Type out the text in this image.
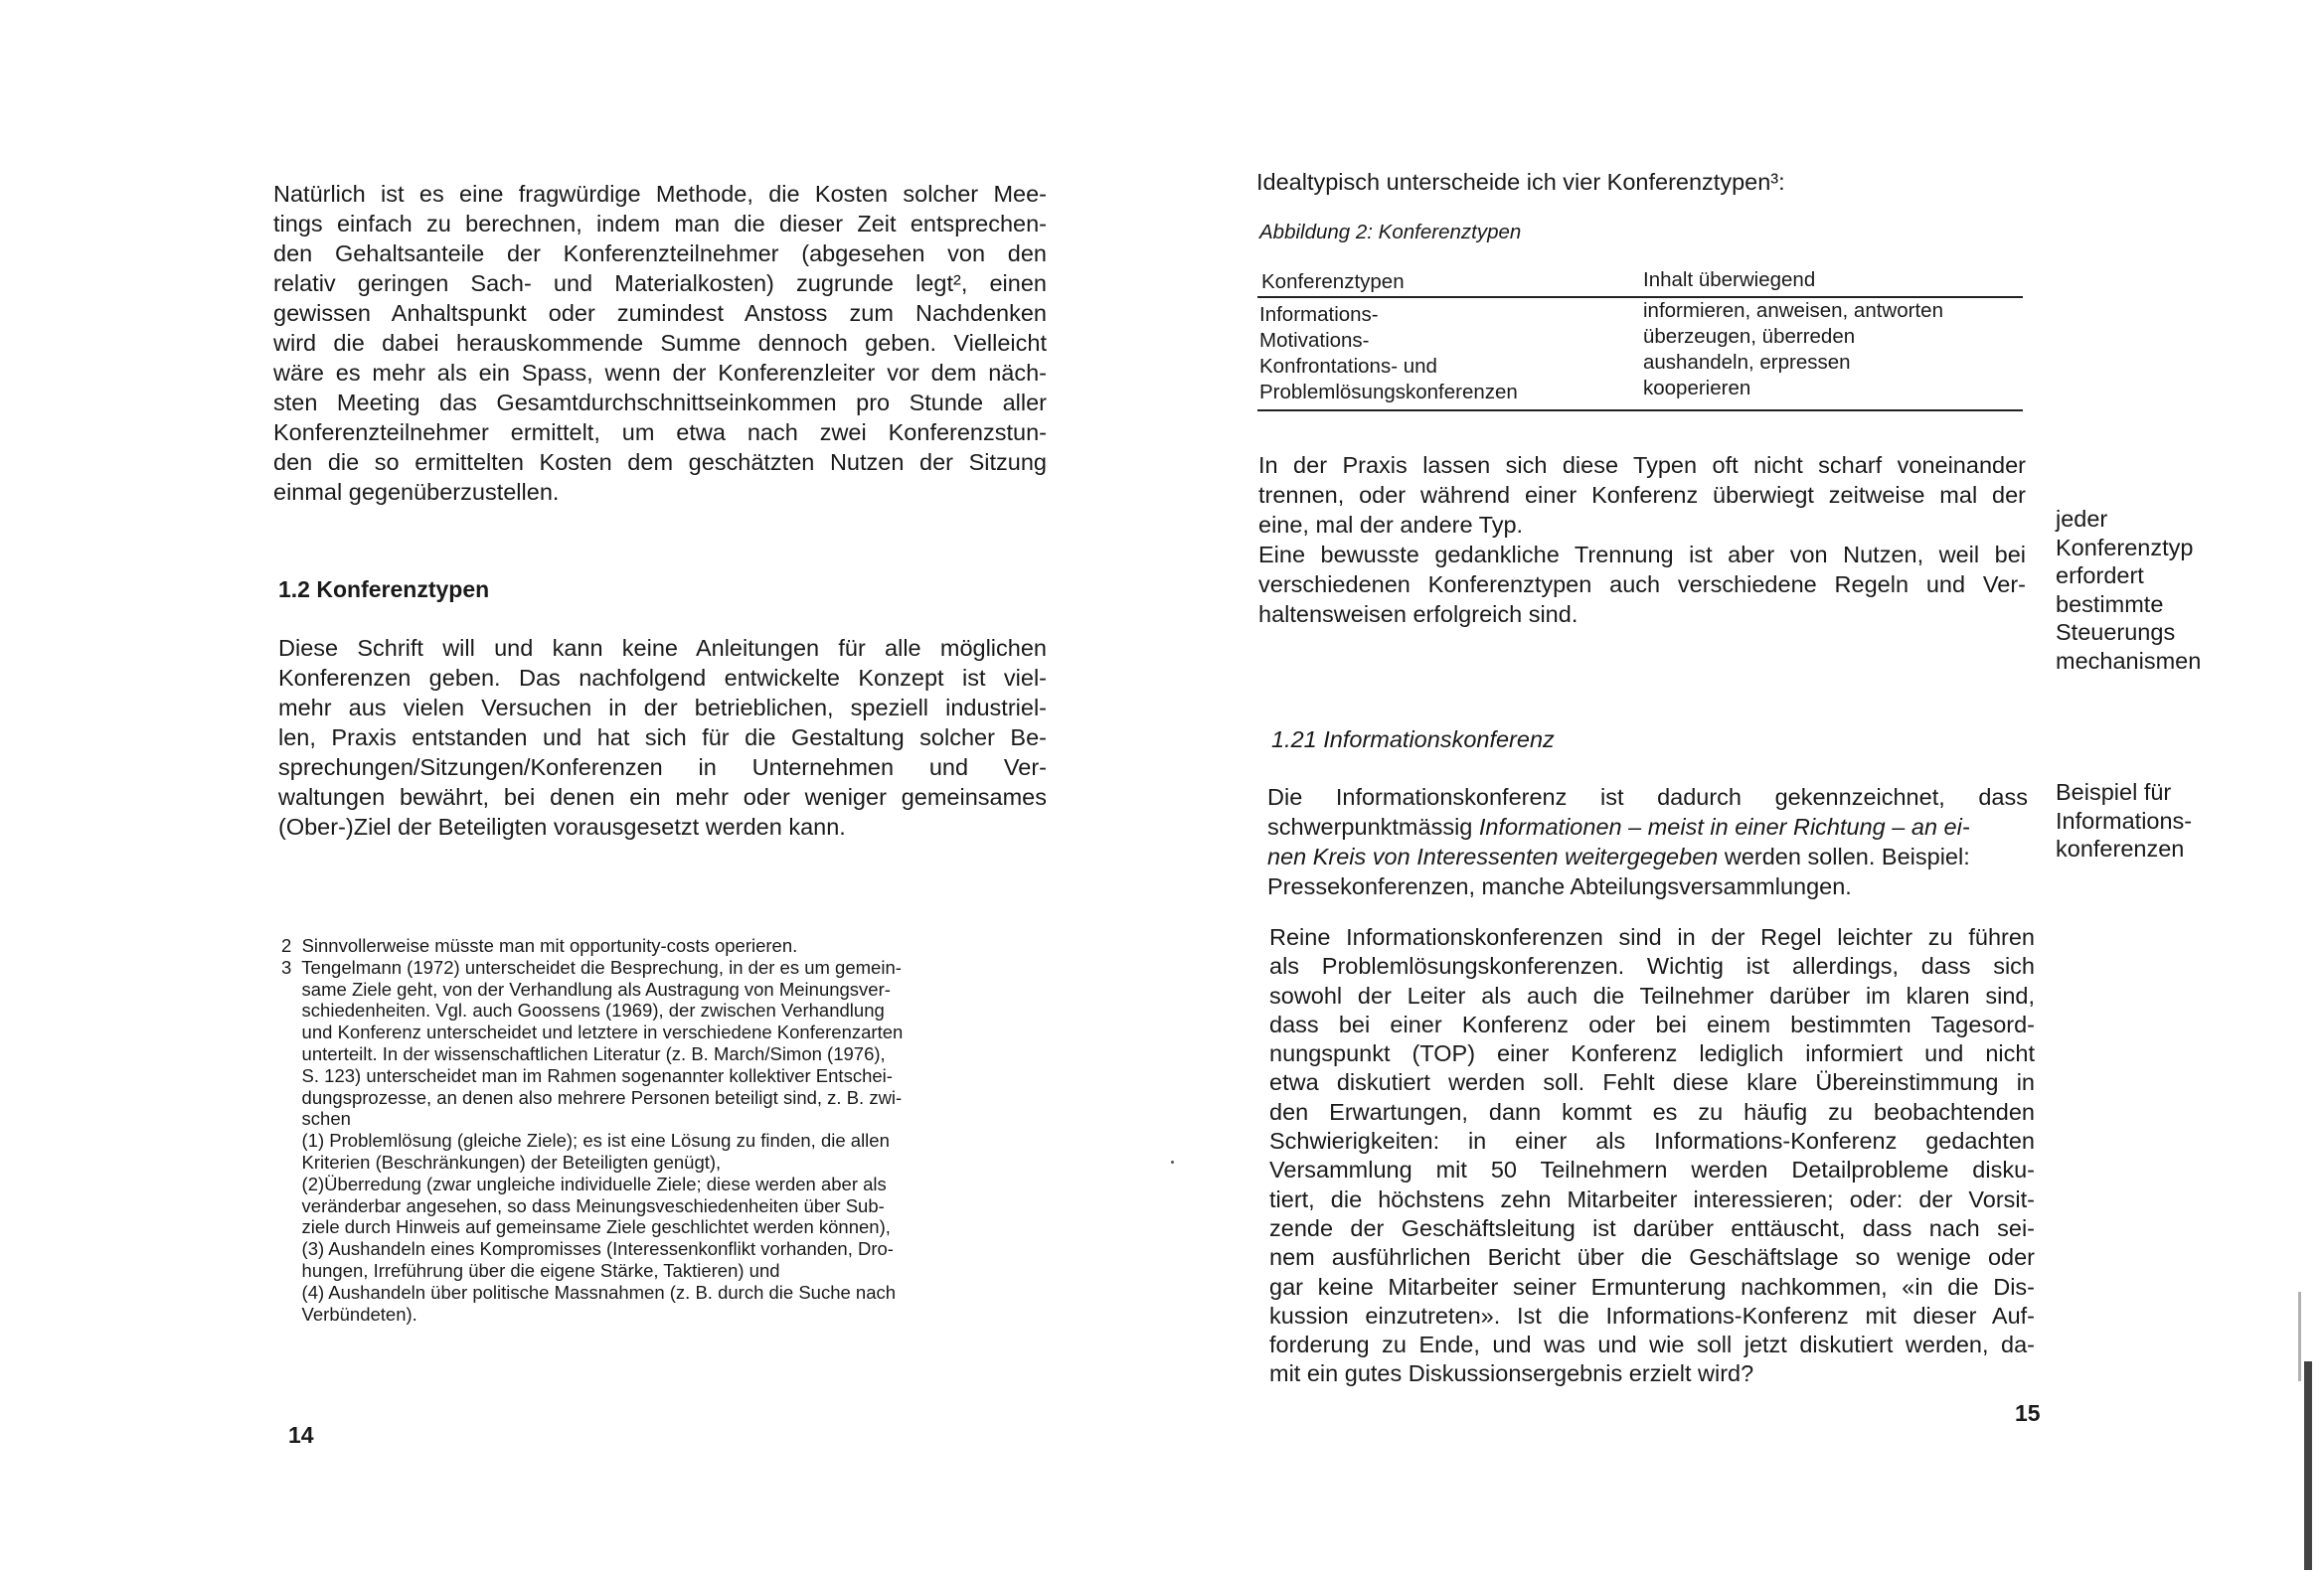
Natürlich ist es eine fragwürdige Methode, die Kosten solcher Mee-
tings einfach zu berechnen, indem man die dieser Zeit entsprechen-
den Gehaltsanteile der Konferenzteilnehmer (abgesehen von den
relativ geringen Sach- und Materialkosten) zugrunde legt², einen
gewissen Anhaltspunkt oder zumindest Anstoss zum Nachdenken
wird die dabei herauskommende Summe dennoch geben. Vielleicht
wäre es mehr als ein Spass, wenn der Konferenzleiter vor dem näch-
sten Meeting das Gesamtdurchschnittseinkommen pro Stunde aller
Konferenzteilnehmer ermittelt, um etwa nach zwei Konferenzstun-
den die so ermittelten Kosten dem geschätzten Nutzen der Sitzung
einmal gegenüberzustellen.
1.2 Konferenztypen
Diese Schrift will und kann keine Anleitungen für alle möglichen
Konferenzen geben. Das nachfolgend entwickelte Konzept ist viel-
mehr aus vielen Versuchen in der betrieblichen, speziell industriel-
len, Praxis entstanden und hat sich für die Gestaltung solcher Be-
sprechungen/Sitzungen/Konferenzen in Unternehmen und Ver-
waltungen bewährt, bei denen ein mehr oder weniger gemeinsames
(Ober-)Ziel der Beteiligten vorausgesetzt werden kann.
2  Sinnvollerweise müsste man mit opportunity-costs operieren.
3  Tengelmann (1972) unterscheidet die Besprechung, in der es um gemein-
same Ziele geht, von der Verhandlung als Austragung von Meinungsver-
schiedenheiten. Vgl. auch Goossens (1969), der zwischen Verhandlung
und Konferenz unterscheidet und letztere in verschiedene Konferenzarten
unterteilt. In der wissenschaftlichen Literatur (z. B. March/Simon (1976),
S. 123) unterscheidet man im Rahmen sogenannter kollektiver Entschei-
dungsprozesse, an denen also mehrere Personen beteiligt sind, z. B. zwi-
schen
(1) Problemlösung (gleiche Ziele); es ist eine Lösung zu finden, die allen
Kriterien (Beschränkungen) der Beteiligten genügt),
(2)Überredung (zwar ungleiche individuelle Ziele; diese werden aber als
veränderbar angesehen, so dass Meinungsveschiedenheiten über Sub-
ziele durch Hinweis auf gemeinsame Ziele geschlichtet werden können),
(3) Aushandeln eines Kompromisses (Interessenkonflikt vorhanden, Dro-
hungen, Irreführung über die eigene Stärke, Taktieren) und
(4) Aushandeln über politische Massnahmen (z. B. durch die Suche nach
Verbündeten).
14
Idealtypisch unterscheide ich vier Konferenztypen³:
Abbildung 2: Konferenztypen
Konferenztypen	Inhalt überwiegend
Informations-
Motivations-
Konfrontations- und
Problemlösungskonferenzen
informieren, anweisen, antworten
überzeugen, überreden
aushandeln, erpressen
kooperieren
In der Praxis lassen sich diese Typen oft nicht scharf voneinander
trennen, oder während einer Konferenz überwiegt zeitweise mal der
eine, mal der andere Typ.
Eine bewusste gedankliche Trennung ist aber von Nutzen, weil bei
verschiedenen Konferenztypen auch verschiedene Regeln und Ver-
haltensweisen erfolgreich sind.
jeder
Konferenztyp
erfordert
bestimmte
Steuerungs
mechanismen
1.21 Informationskonferenz
Die Informationskonferenz ist dadurch gekennzeichnet, dass
schwerpunktmässig Informationen – meist in einer Richtung – an ei-
nen Kreis von Interessenten weitergegeben werden sollen. Beispiel:
Pressekonferenzen, manche Abteilungsversammlungen.
Beispiel für
Informations-
konferenzen
Reine Informationskonferenzen sind in der Regel leichter zu führen
als Problemlösungskonferenzen. Wichtig ist allerdings, dass sich
sowohl der Leiter als auch die Teilnehmer darüber im klaren sind,
dass bei einer Konferenz oder bei einem bestimmten Tagesord-
nungspunkt (TOP) einer Konferenz lediglich informiert und nicht
etwa diskutiert werden soll. Fehlt diese klare Übereinstimmung in
den Erwartungen, dann kommt es zu häufig zu beobachtenden
Schwierigkeiten: in einer als Informations-Konferenz gedachten
Versammlung mit 50 Teilnehmern werden Detailprobleme disku-
tiert, die höchstens zehn Mitarbeiter interessieren; oder: der Vorsit-
zende der Geschäftsleitung ist darüber enttäuscht, dass nach sei-
nem ausführlichen Bericht über die Geschäftslage so wenige oder
gar keine Mitarbeiter seiner Ermunterung nachkommen, «in die Dis-
kussion einzutreten». Ist die Informations-Konferenz mit dieser Auf-
forderung zu Ende, und was und wie soll jetzt diskutiert werden, da-
mit ein gutes Diskussionsergebnis erzielt wird?
15
